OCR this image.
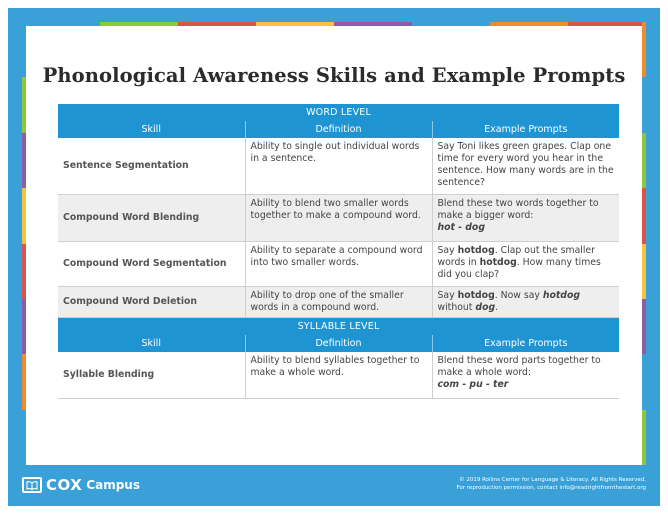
Phonological Awareness Skills and Example Prompts
WORD LEVEL		
Skill	Definition	Example Prompts
Sentence Segmentation	Ability to single out individual words in a sentence.	Say Toni likes green grapes. Clap one time for every word you hear in the sentence. How many words are in the sentence?
Compound Word Blending	Ability to blend two smaller words together to make a compound word.	Blend these two words together to make a bigger word:
hot - dog
Compound Word Segmentation	Ability to separate a compound word into two smaller words.	Say hotdog. Clap out the smaller words in hotdog. How many times did you clap?
Compound Word Deletion	Ability to drop one of the smaller words in a compound word.	Say hotdog. Now say hotdog without dog.
SYLLABLE LEVEL		
Skill	Definition	Example Prompts
Syllable Blending	Ability to blend syllables together to make a whole word.	Blend these word parts together to make a whole word:
com - pu - ter
COX Campus	© 2019 Rollins Center for Language & Literacy. All Rights Reserved.
For reproduction permission, contact info@readrightfromthestart.org
